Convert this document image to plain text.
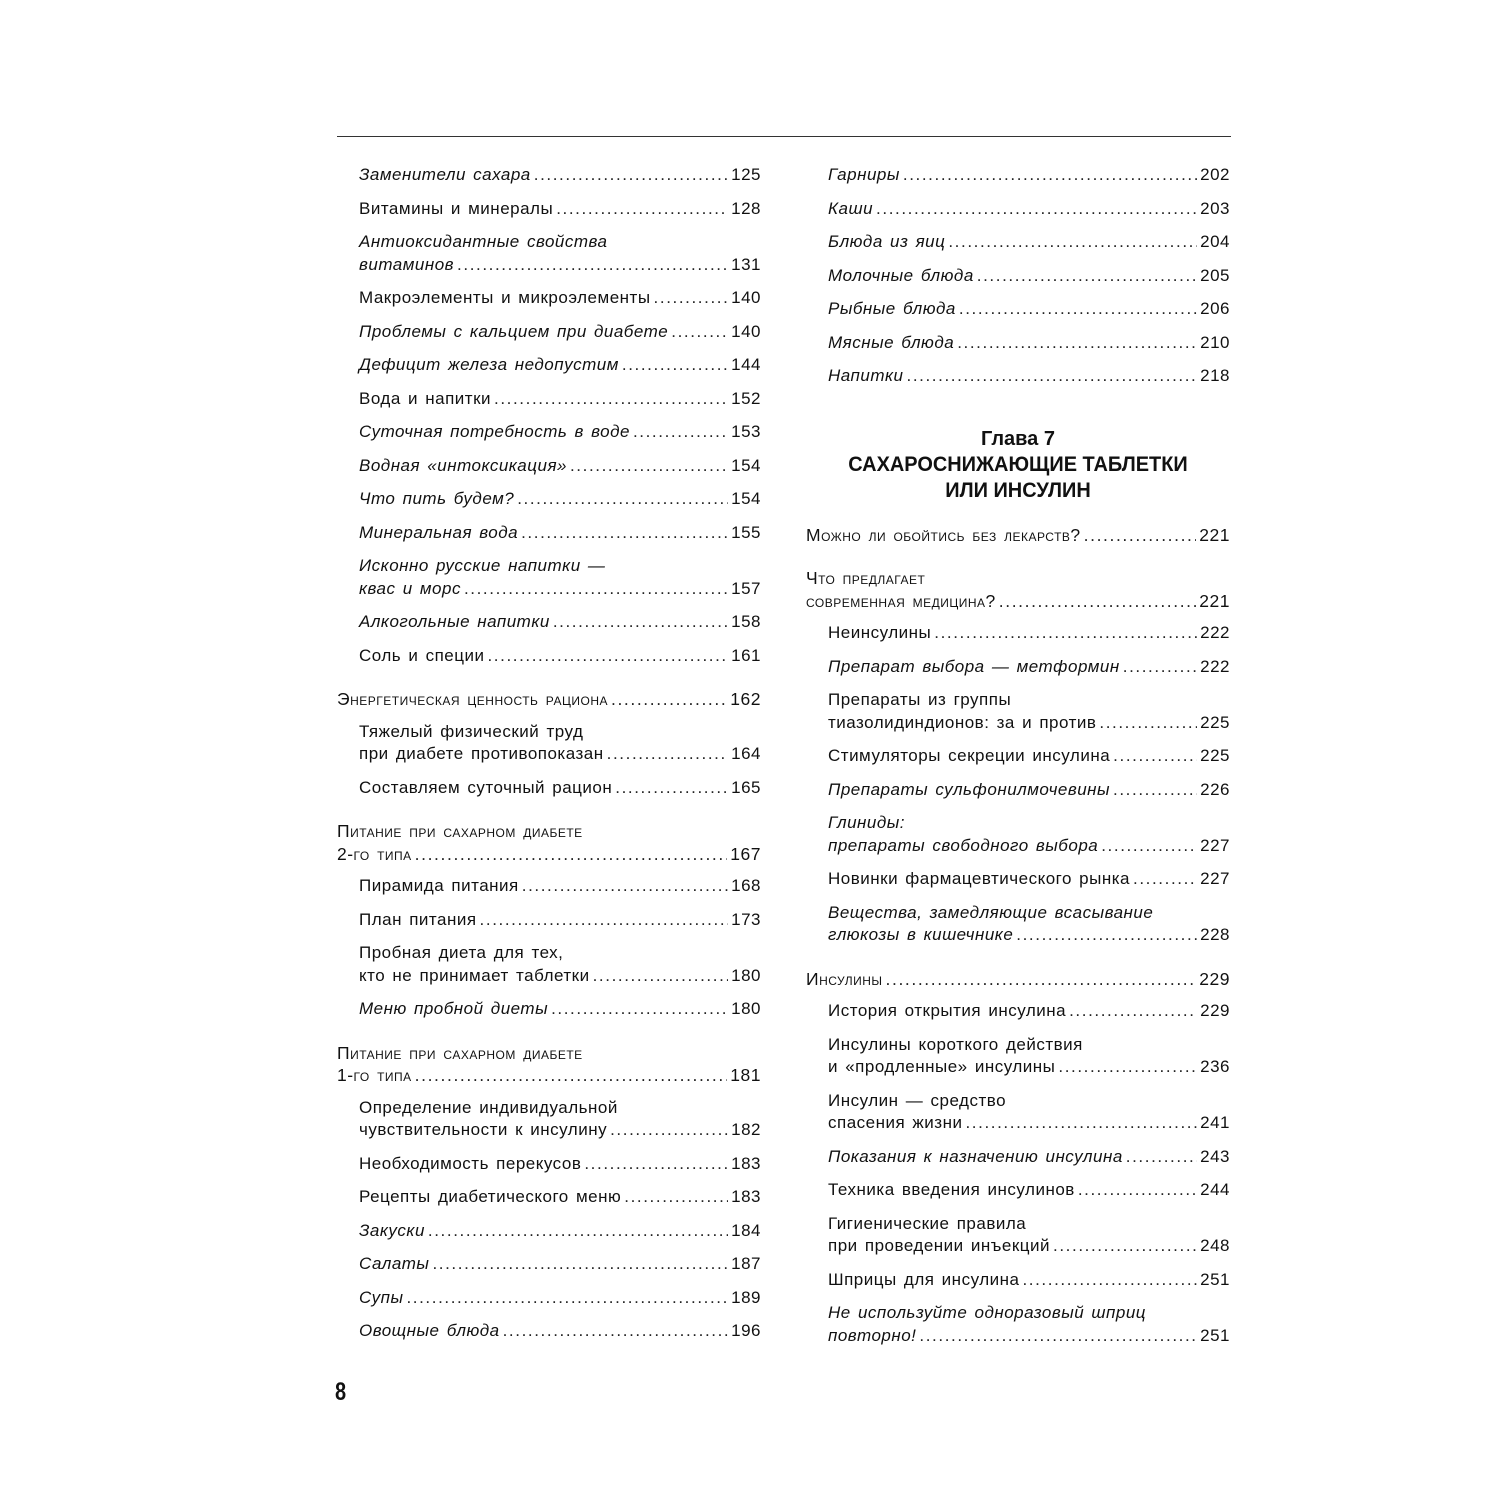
Заменители сахара .....	125
Витамины и минералы .....	128
Антиоксидантные свойства
витаминов .....	131
Макроэлементы и микроэлементы .....	140
Проблемы с кальцием при диабете .....	140
Дефицит железа недопустим .....	144
Вода и напитки .....	152
Суточная потребность в воде .....	153
Водная «интоксикация» .....	154
Что пить будем? .....	154
Минеральная вода .....	155
Исконно русские напитки —
квас и морс .....	157
Алкогольные напитки .....	158
Соль и специи .....	161
Энергетическая ценность рациона .....	162
Тяжелый физический труд
при диабете противопоказан .....	164
Составляем суточный рацион .....	165
Питание при сахарном диабете
2-го типа .....	167
Пирамида питания .....	168
План питания .....	173
Пробная диета для тех,
кто не принимает таблетки .....	180
Меню пробной диеты .....	180
Питание при сахарном диабете
1-го типа .....	181
Определение индивидуальной
чувствительности к инсулину .....	182
Необходимость перекусов .....	183
Рецепты диабетического меню .....	183
Закуски .....	184
Салаты .....	187
Супы .....	189
Овощные блюда .....	196
Гарниры .....	202
Каши .....	203
Блюда из яиц .....	204
Молочные блюда .....	205
Рыбные блюда .....	206
Мясные блюда .....	210
Напитки .....	218
Глава 7
САХАРОСНИЖАЮЩИЕ ТАБЛЕТКИ
ИЛИ ИНСУЛИН
Можно ли обойтись без лекарств? .....	221
Что предлагает
современная медицина? .....	221
Неинсулины .....	222
Препарат выбора — метформин .....	222
Препараты из группы
тиазолидиндионов: за и против .....	225
Стимуляторы секреции инсулина .....	225
Препараты сульфонилмочевины .....	226
Глиниды:
препараты свободного выбора .....	227
Новинки фармацевтического рынка .....	227
Вещества, замедляющие всасывание
глюкозы в кишечнике .....	228
Инсулины .....	229
История открытия инсулина .....	229
Инсулины короткого действия
и «продленные» инсулины .....	236
Инсулин — средство
спасения жизни .....	241
Показания к назначению инсулина .....	243
Техника введения инсулинов .....	244
Гигиенические правила
при проведении инъекций .....	248
Шприцы для инсулина .....	251
Не используйте одноразовый шприц
повторно! .....	251
8
